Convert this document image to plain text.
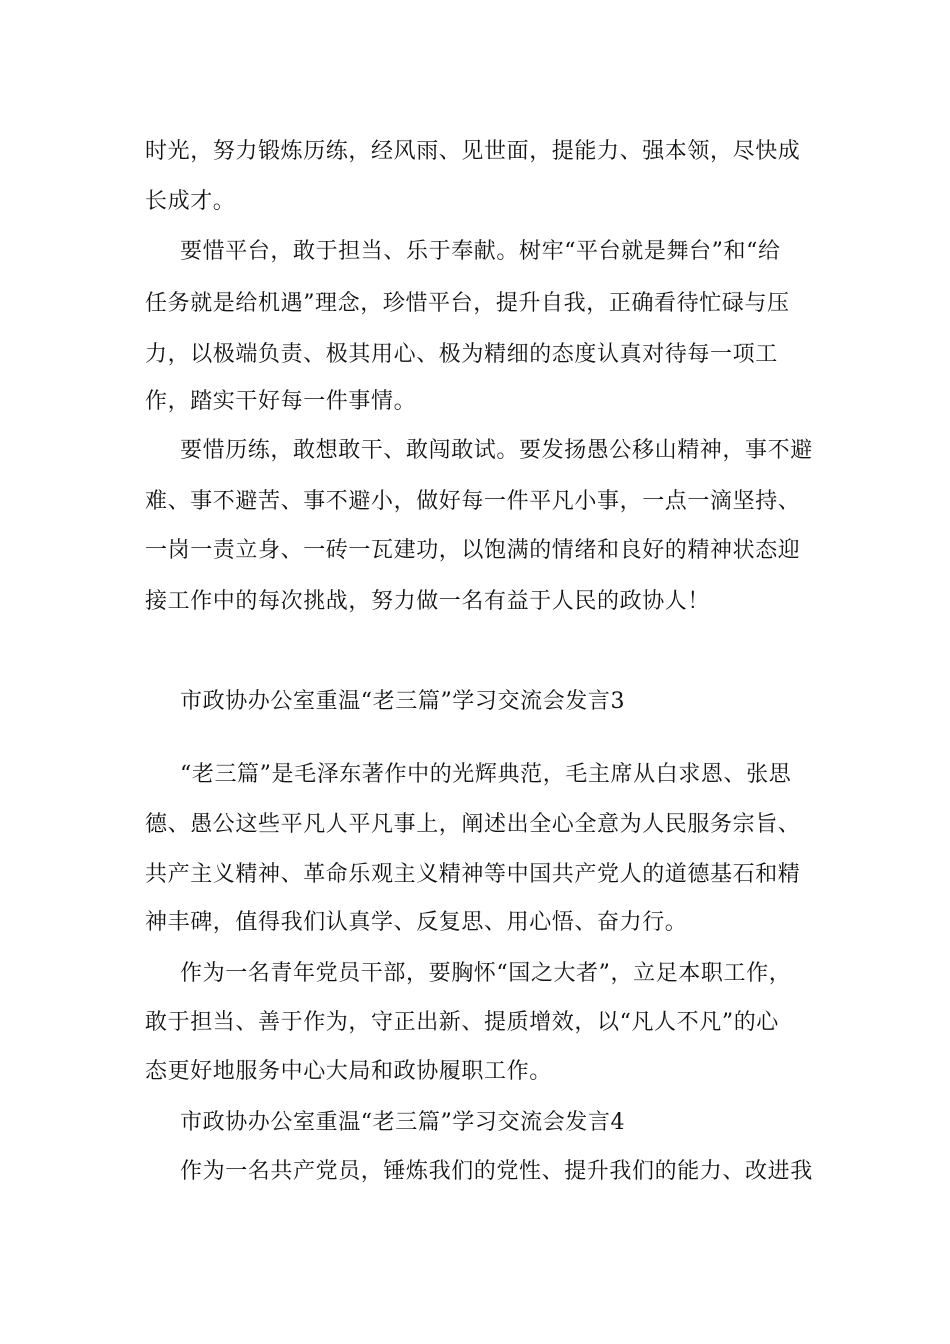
时光，努力锻炼历练，经风雨、见世面，提能力、强本领，尽快成
长成才。
要惜平台，敢于担当、乐于奉献。树牢“平台就是舞台”和“给
任务就是给机遇”理念，珍惜平台，提升自我，正确看待忙碌与压
力，以极端负责、极其用心、极为精细的态度认真对待每一项工
作，踏实干好每一件事情。
要惜历练，敢想敢干、敢闯敢试。要发扬愚公移山精神，事不避
难、事不避苦、事不避小，做好每一件平凡小事，一点一滴坚持、
一岗一责立身、一砖一瓦建功，以饱满的情绪和良好的精神状态迎
接工作中的每次挑战，努力做一名有益于人民的政协人！
市政协办公室重温“老三篇”学习交流会发言3
“老三篇”是毛泽东著作中的光辉典范，毛主席从白求恩、张思
德、愚公这些平凡人平凡事上，阐述出全心全意为人民服务宗旨、
共产主义精神、革命乐观主义精神等中国共产党人的道德基石和精
神丰碑，值得我们认真学、反复思、用心悟、奋力行。
作为一名青年党员干部，要胸怀“国之大者”，立足本职工作，
敢于担当、善于作为，守正出新、提质增效，以“凡人不凡”的心
态更好地服务中心大局和政协履职工作。
市政协办公室重温“老三篇”学习交流会发言4
作为一名共产党员，锤炼我们的党性、提升我们的能力、改进我
